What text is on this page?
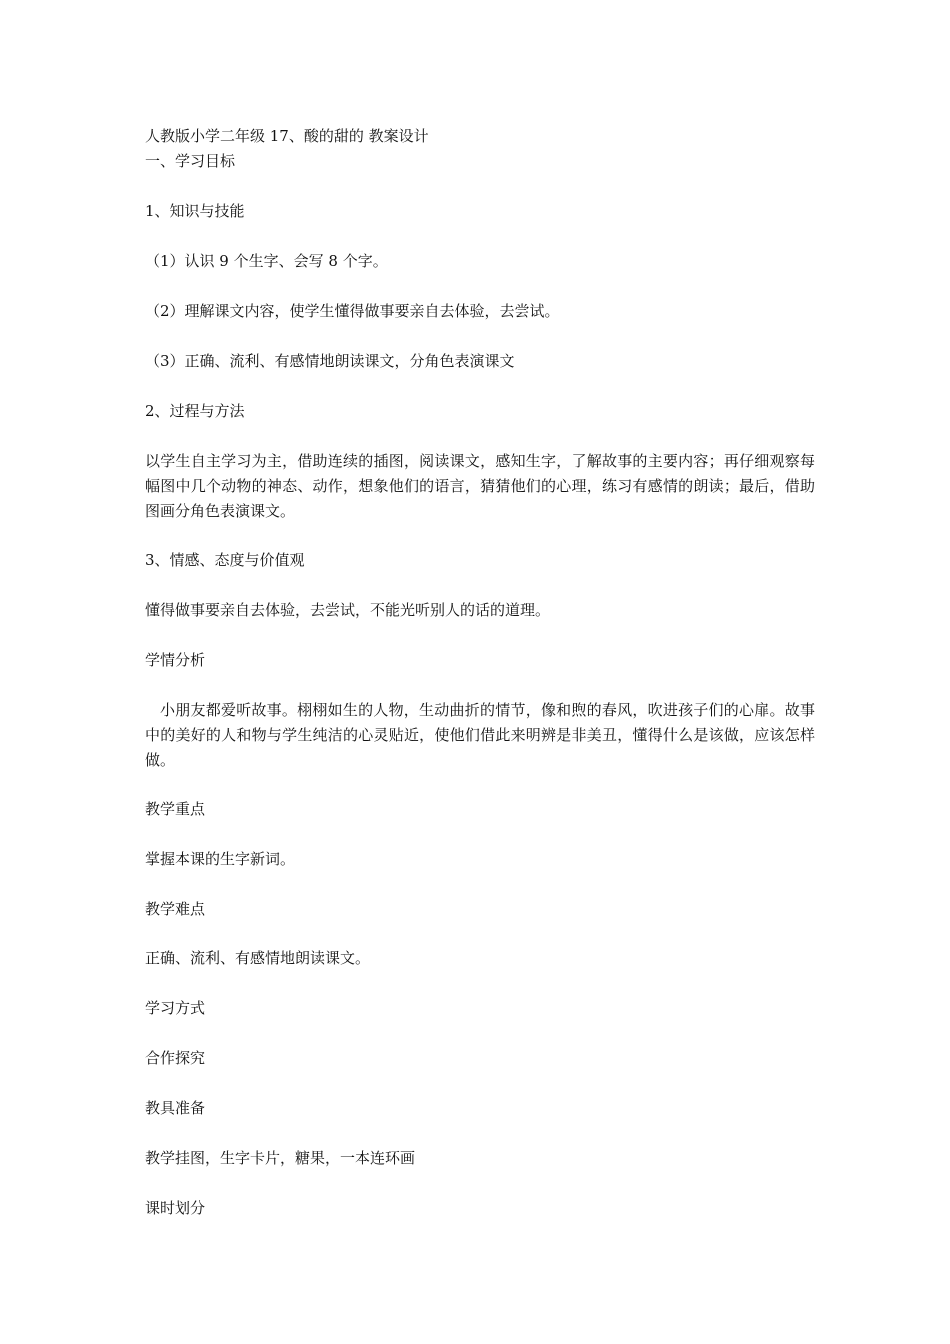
人教版小学二年级 17、酸的甜的 教案设计
一、学习目标
1、知识与技能
（1）认识 9 个生字、会写 8 个字。
（2）理解课文内容，使学生懂得做事要亲自去体验，去尝试。
（3）正确、流利、有感情地朗读课文，分角色表演课文
2、过程与方法
以学生自主学习为主，借助连续的插图，阅读课文，感知生字，了解故事的主要内容；再仔细观察每幅图中几个动物的神态、动作，想象他们的语言，猜猜他们的心理，练习有感情的朗读；最后，借助图画分角色表演课文。
3、情感、态度与价值观
懂得做事要亲自去体验，去尝试，不能光听别人的话的道理。
学情分析
小朋友都爱听故事。栩栩如生的人物，生动曲折的情节，像和煦的春风，吹进孩子们的心扉。故事中的美好的人和物与学生纯洁的心灵贴近，使他们借此来明辨是非美丑，懂得什么是该做，应该怎样做。
教学重点
掌握本课的生字新词。
教学难点
正确、流利、有感情地朗读课文。
学习方式
合作探究
教具准备
教学挂图，生字卡片，糖果，一本连环画
课时划分
